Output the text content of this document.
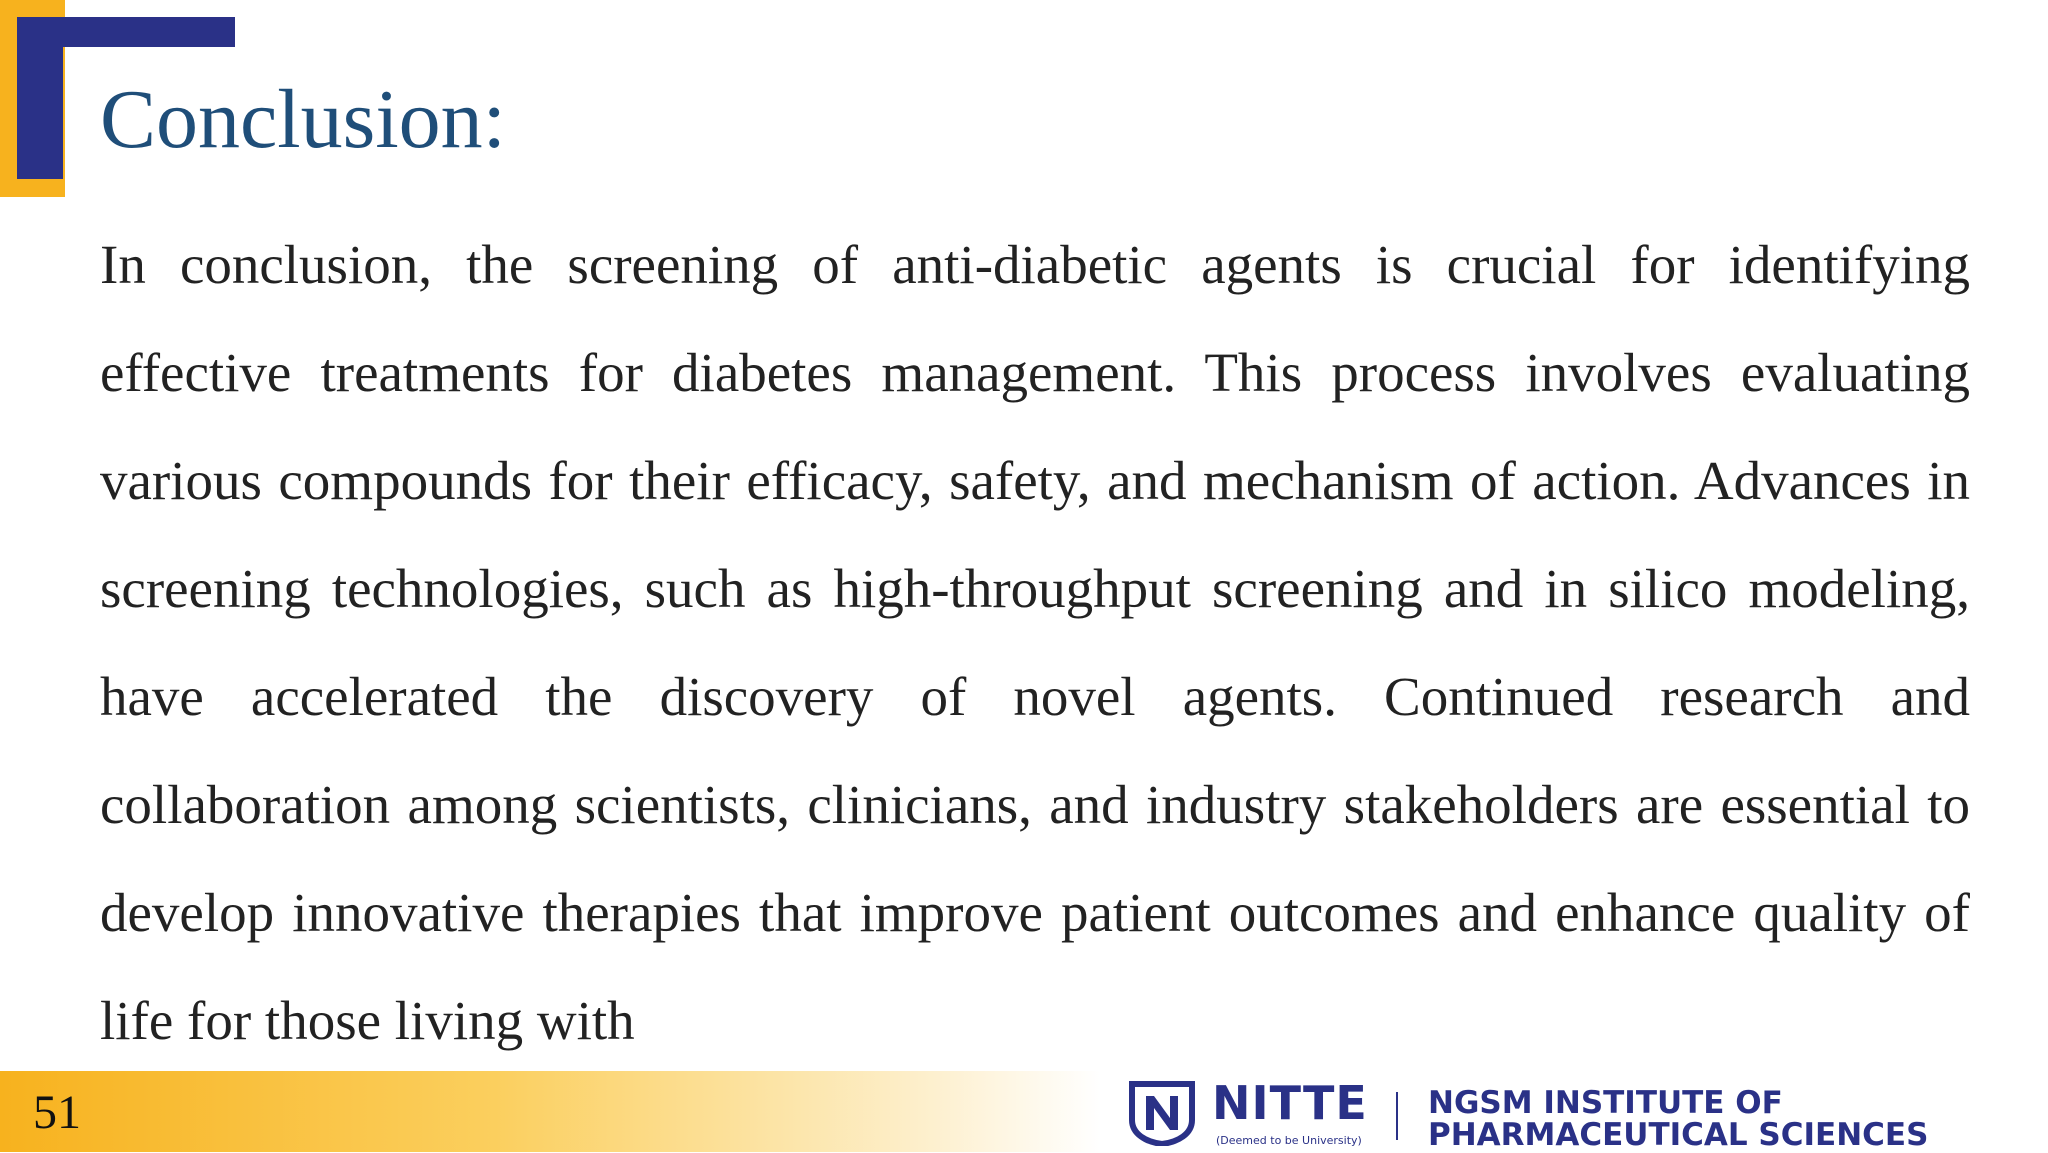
Conclusion:

In conclusion, the screening of anti-diabetic agents is crucial for identifying effective treatments for diabetes management. This process involves evaluating various compounds for their efficacy, safety, and mechanism of action. Advances in screening technologies, such as high-throughput screening and in silico modeling, have accelerated the discovery of novel agents. Continued research and collaboration among scientists, clinicians, and industry stakeholders are essential to develop innovative therapies that improve patient outcomes and enhance quality of life for those living with

51	NITTE
(Deemed to be University)
NGSM INSTITUTE OF
PHARMACEUTICAL SCIENCES
